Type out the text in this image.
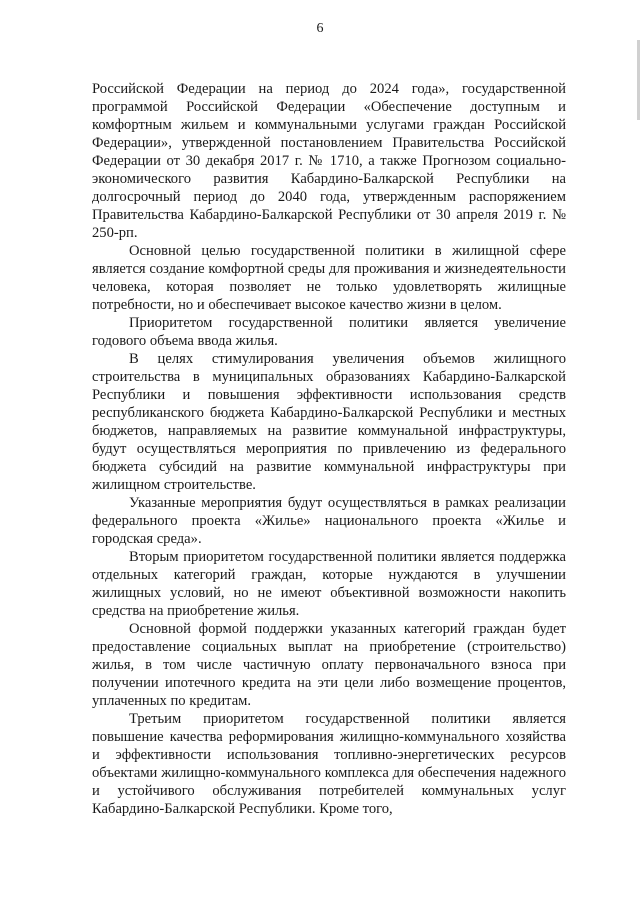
6

Российской Федерации на период до 2024 года», государственной программой Российской Федерации «Обеспечение доступным и комфортным жильем и коммунальными услугами граждан Российской Федерации», утвержденной постановлением Правительства Российской Федерации от 30 декабря 2017 г. № 1710, а также Прогнозом социально-экономического развития Кабардино-Балкарской Республики на долгосрочный период до 2040 года, утвержденным распоряжением Правительства Кабардино-Балкарской Республики от 30 апреля 2019 г. № 250-рп.

Основной целью государственной политики в жилищной сфере является создание комфортной среды для проживания и жизнедеятельности человека, которая позволяет не только удовлетворять жилищные потребности, но и обеспечивает высокое качество жизни в целом.

Приоритетом государственной политики является увеличение годового объема ввода жилья.

В целях стимулирования увеличения объемов жилищного строительства в муниципальных образованиях Кабардино-Балкарской Республики и повышения эффективности использования средств республиканского бюджета Кабардино-Балкарской Республики и местных бюджетов, направляемых на развитие коммунальной инфраструктуры, будут осуществляться мероприятия по привлечению из федерального бюджета субсидий на развитие коммунальной инфраструктуры при жилищном строительстве.

Указанные мероприятия будут осуществляться в рамках реализации федерального проекта «Жилье» национального проекта «Жилье и городская среда».

Вторым приоритетом государственной политики является поддержка отдельных категорий граждан, которые нуждаются в улучшении жилищных условий, но не имеют объективной возможности накопить средства на приобретение жилья.

Основной формой поддержки указанных категорий граждан будет предоставление социальных выплат на приобретение (строительство) жилья, в том числе частичную оплату первоначального взноса при получении ипотечного кредита на эти цели либо возмещение процентов, уплаченных по кредитам.

Третьим приоритетом государственной политики является повышение качества реформирования жилищно-коммунального хозяйства и эффективности использования топливно-энергетических ресурсов объектами жилищно-коммунального комплекса для обеспечения надежного и устойчивого обслуживания потребителей коммунальных услуг Кабардино-Балкарской Республики. Кроме того,
